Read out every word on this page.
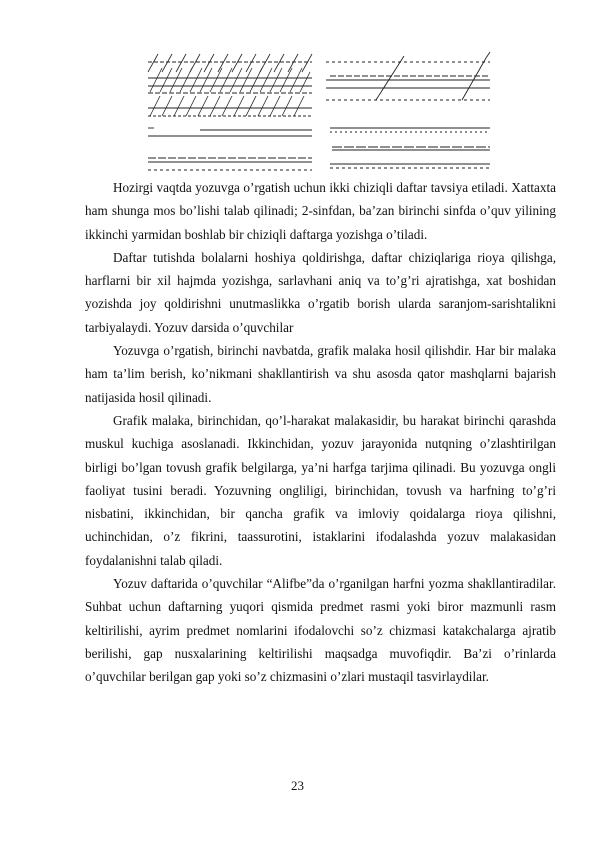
Hozirgi vaqtda yozuvga o’rgatish uchun ikki chiziqli daftar tavsiya etiladi. Xattaxta ham shunga mos bo’lishi talab qilinadi; 2-sinfdan, ba’zan birinchi sinfda o’quv yilining ikkinchi yarmidan boshlab bir chiziqli daftarga yozishga o’tiladi.

Daftar tutishda bolalarni hoshiya qoldirishga, daftar chiziqlariga rioya qilishga, harflarni bir xil hajmda yozishga, sarlavhani aniq va to’g’ri ajratishga, xat boshidan yozishda joy qoldirishni unutmaslikka o’rgatib borish ularda saranjom-sarishtalikni tarbiyalaydi. Yozuv darsida o’quvchilar

Yozuvga o’rgatish, birinchi navbatda, grafik malaka hosil qilishdir. Har bir malaka ham ta’lim berish, ko’nikmani shakllantirish va shu asosda qator mashqlarni bajarish natijasida hosil qilinadi.

Grafik malaka, birinchidan, qo’l-harakat malakasidir, bu harakat birinchi qarashda muskul kuchiga asoslanadi. Ikkinchidan, yozuv jarayonida nutqning o’zlashtirilgan birligi bo’lgan tovush grafik belgilarga, ya’ni harfga tarjima qilinadi. Bu yozuvga ongli faoliyat tusini beradi. Yozuvning ongliligi, birinchidan, tovush va harfning to’g’ri nisbatini, ikkinchidan, bir qancha grafik va imloviy qoidalarga rioya qilishni, uchinchidan, o’z fikrini, taassurotini, istaklarini ifodalashda yozuv malakasidan foydalanishni talab qiladi.

Yozuv daftarida o’quvchilar “Alifbe”da o’rganilgan harfni yozma shakllantiradilar. Suhbat uchun daftarning yuqori qismida predmet rasmi yoki biror mazmunli rasm keltirilishi, ayrim predmet nomlarini ifodalovchi so’z chizmasi katakchalarga ajratib berilishi, gap nusxalarining keltirilishi maqsadga muvofiqdir. Ba’zi o’rinlarda o’quvchilar berilgan gap yoki so’z chizmasini o’zlari mustaqil tasvirlaydilar.

23
